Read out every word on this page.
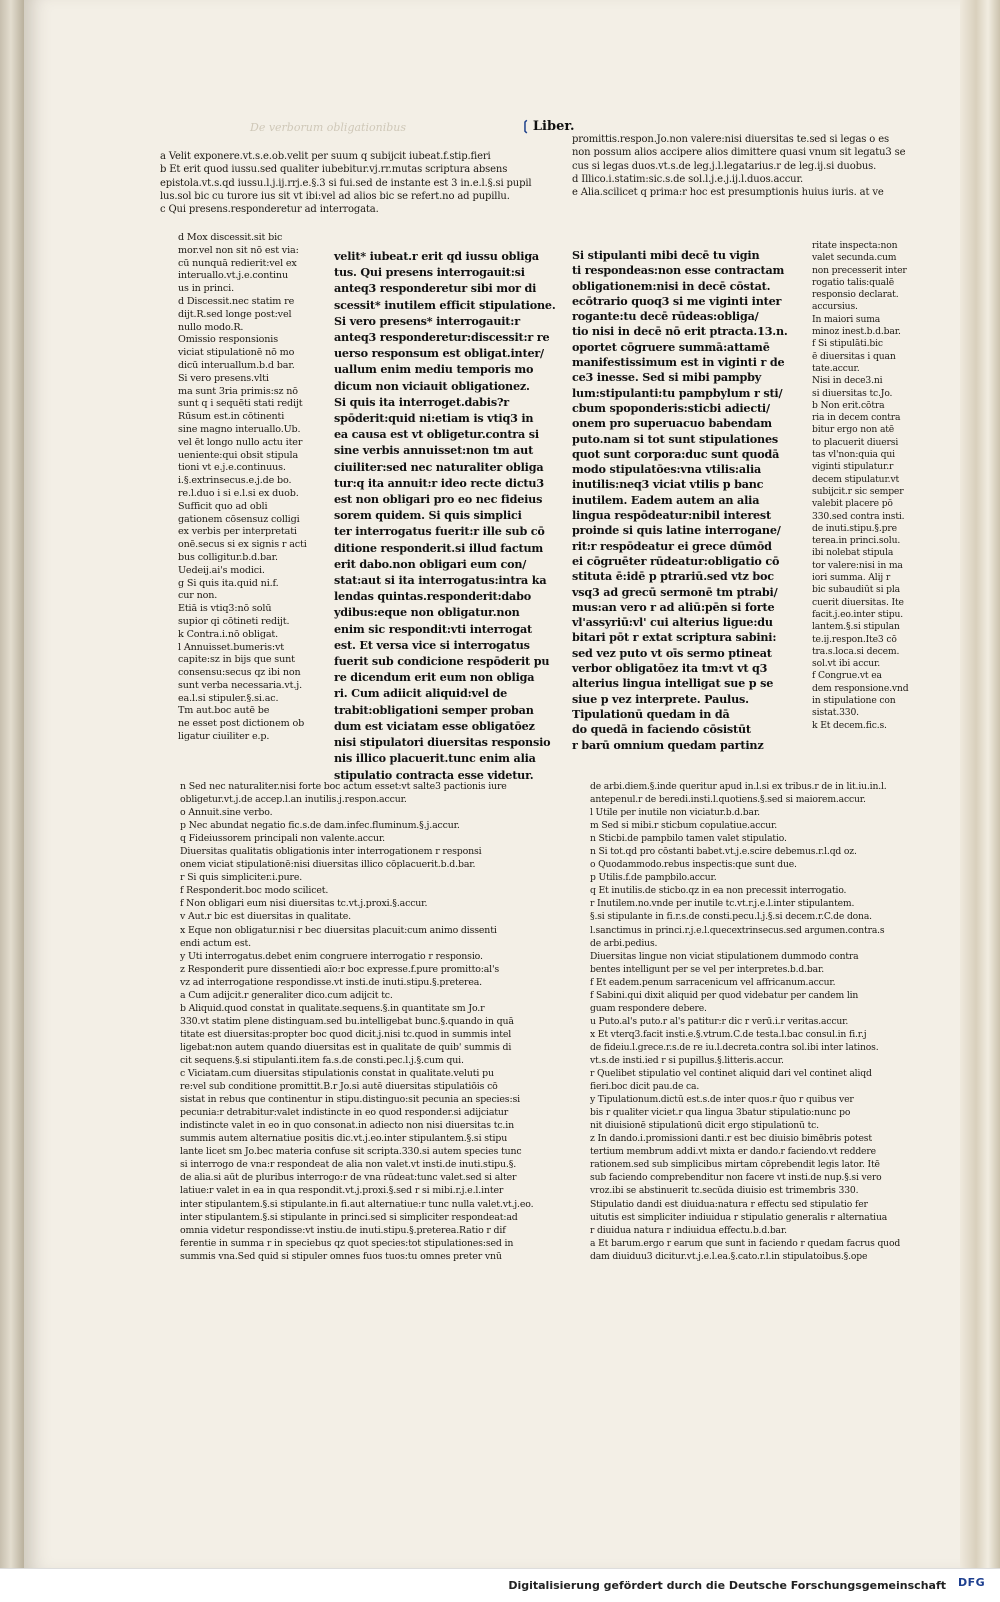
De verborum obligationibus	❲ Liber.

a Velit exponere.vt.s.e.ob.velit per suum q subijcit iubeat.f.stip.fieri

b Et erit quod iussu.sed qualiter iubebitur.vj.rr.mutas scriptura absens

epistola.vt.s.qd iussu.l.j.ij.rrj.e.§.3 si fui.sed de instante est 3 in.e.l.§.si pupil

lus.sol bic cu turore ius sit vt ibi:vel ad alios bic se refert.no ad pupillu.

c Qui presens.responderetur ad interrogata.

promittis.respon.Jo.non valere:nisi diuersitas te.sed si legas o es

non possum alios accipere alios dimittere quasi vnum sit legatu3 se

cus si legas duos.vt.s.de leg.j.l.legatarius.r de leg.ij.si duobus.

d Illico.i.statim:sic.s.de sol.l.j.e.j.ij.l.duos.accur.

e Alia.scilicet q prima:r hoc est presumptionis huius iuris. at ve

d Mox discessit.sit bic

mor.vel non sit nō est via:

cū nunquā redierit:vel ex

interuallo.vt.j.e.continu

us in princi.

d Discessit.nec statim re

dijt.R.sed longe post:vel

nullo modo.R.

Omissio responsionis

viciat stipulationē nō mo

dicū interuallum.b.d bar.

Si vero presens.vlti

ma sunt 3ria primis:sz nō

sunt q i sequēti stati redijt

Rūsum est.in cōtinenti

sine magno interuallo.Ub.

vel ēt longo nullo actu iter

ueniente:qui obsit stipula

tioni vt e.j.e.continuus.

i.§.extrinsecus.e.j.de bo.

re.l.duo i si e.l.si ex duob.

Sufficit quo ad obli

gationem cōsensuz colligi

ex verbis per interpretati

onē.secus si ex signis r acti

bus colligitur.b.d.bar.

Uedeij.ai's modici.

g Si quis ita.quid ni.f.

cur non.

Etiā is vtiq3:nō solū

supior qi cōtineti redijt.

k Contra.i.nō obligat.

l Annuisset.bumeris:vt

capite:sz in bijs que sunt

consensu:secus qz ibi non

sunt verba necessaria.vt.j.

ea.l.si stipuler.§.si.ac.

Tm aut.boc autē be

ne esset post dictionem ob

ligatur ciuiliter e.p.

velit* iubeat.r erit qd iussu obliga

tus. Qui presens interrogauit:si

anteq3 responderetur sibi mor di

scessit* inutilem efficit stipulatione.

Si vero presens* interrogauit:r

anteq3 responderetur:discessit:r re

uerso responsum est obligat.inter/

uallum enim mediu temporis mo

dicum non viciauit obligationez.

Si quis ita interroget.dabis?r

spōderit:quid ni:etiam is vtiq3 in

ea causa est vt obligetur.contra si

sine verbis annuisset:non tm aut

ciuiliter:sed nec naturaliter obliga

tur:q ita annuit:r ideo recte dictu3

est non obligari pro eo nec fideius

sorem quidem. Si quis simplici

ter interrogatus fuerit:r ille sub cō

ditione responderit.si illud factum

erit dabo.non obligari eum con/

stat:aut si ita interrogatus:intra ka

lendas quintas.responderit:dabo

ydibus:eque non obligatur.non

enim sic respondit:vti interrogat

est. Et versa vice si interrogatus

fuerit sub condicione respōderit pu

re dicendum erit eum non obliga

ri. Cum adiicit aliquid:vel de

trabit:obligationi semper proban

dum est viciatam esse obligatōez

nisi stipulatori diuersitas responsio

nis illico placuerit.tunc enim alia

stipulatio contracta esse videtur.

Si stipulanti mibi decē tu vigin

ti respondeas:non esse contractam

obligationem:nisi in decē cōstat.

ecōtrario quoq3 si me viginti inter

rogante:tu decē rūdeas:obliga/

tio nisi in decē nō erit ptracta.13.n.

oportet cōgruere summā:attamē

manifestissimum est in viginti r de

ce3 inesse. Sed si mibi pampby

lum:stipulanti:tu pampbylum r sti/

cbum spoponderis:sticbi adiecti/

onem pro superuacuo babendam

puto.nam si tot sunt stipulationes

quot sunt corpora:duc sunt quodā

modo stipulatōes:vna vtilis:alia

inutilis:neq3 viciat vtilis p banc

inutilem. Eadem autem an alia

lingua respōdeatur:nibil interest

proinde si quis latine interrogane/

rit:r respōdeatur ei grece dūmōd

ei cōgruēter rūdeatur:obligatio cō

stituta ē:idē p ptrariū.sed vtz boc

vsq3 ad grecū sermonē tm ptrabi/

mus:an vero r ad aliū:pēn si forte

vl'assyriū:vl' cui alterius ligue:du

bitari pōt r extat scriptura sabini:

sed vez puto vt oīs sermo ptineat

verbor obligatōez ita tm:vt vt q3

alterius lingua intelligat sue p se

siue p vez interprete. Paulus.

Tipulationū quedam in dā

do quedā in faciendo cōsistūt

r barū omnium quedam partinz

ritate inspecta:non

valet secunda.cum

non precesserit inter

rogatio talis:qualē

responsio declarat.

accursius.

In maiori suma

minoz inest.b.d.bar.

f Si stipulāti.bic

ē diuersitas i quan

tate.accur.

Nisi in dece3.ni

si diuersitas tc.Jo.

b Non erit.cōtra

ria in decem contra

bitur ergo non atē

to placuerit diuersi

tas vl'non:quia qui

viginti stipulatur.r

decem stipulatur.vt

subijcit.r sic semper

valebit placere pō

330.sed contra insti.

de inuti.stipu.§.pre

terea.in princi.solu.

ibi nolebat stipula

tor valere:nisi in ma

iori summa. Alij r

bic subaudiūt si pla

cuerit diuersitas. Ite

facit.j.eo.inter stipu.

lantem.§.si stipulan

te.ij.respon.Ite3 cō

tra.s.loca.si decem.

sol.vt ibi accur.

f Congrue.vt ea

dem responsione.vnd

in stipulatione con

sistat.330.

k Et decem.fic.s.

n Sed nec naturaliter.nisi forte boc actum esset:vt salte3 pactionis iure

obligetur.vt.j.de accep.l.an inutilis.j.respon.accur.

o Annuit.sine verbo.

p Nec abundat negatio fic.s.de dam.infec.fluminum.§.j.accur.

q Fideiussorem principali non valente.accur.

Diuersitas qualitatis obligationis inter interrogationem r responsi

onem viciat stipulationē:nisi diuersitas illico cōplacuerit.b.d.bar.

r Si quis simpliciter.i.pure.

f Responderit.boc modo scilicet.

f Non obligari eum nisi diuersitas tc.vt.j.proxi.§.accur.

v Aut.r bic est diuersitas in qualitate.

x Eque non obligatur.nisi r bec diuersitas placuit:cum animo dissenti

endi actum est.

y Uti interrogatus.debet enim congruere interrogatio r responsio.

z Responderit pure dissentiedi aīo:r boc expresse.f.pure promitto:al's

vz ad interrogatione respondisse.vt insti.de inuti.stipu.§.preterea.

a Cum adijcit.r generaliter dico.cum adijcit tc.

b Aliquid.quod constat in qualitate.sequens.§.in quantitate sm Jo.r

330.vt statim plene distinguam.sed bu.intelligebat bunc.§.quando in quā

titate est diuersitas:propter boc quod dicit.j.nisi tc.quod in summis intel

ligebat:non autem quando diuersitas est in qualitate de quib' summis di

cit sequens.§.si stipulanti.item fa.s.de consti.pec.l.j.§.cum qui.

c Viciatam.cum diuersitas stipulationis constat in qualitate.veluti pu

re:vel sub conditione promittit.B.r Jo.si autē diuersitas stipulatiōis cō

sistat in rebus que continentur in stipu.distinguo:sit pecunia an species:si

pecunia:r detrabitur:valet indistincte in eo quod responder.si adijciatur

indistincte valet in eo in quo consonat.in adiecto non nisi diuersitas tc.in

summis autem alternatiue positis dic.vt.j.eo.inter stipulantem.§.si stipu

lante licet sm Jo.bec materia confuse sit scripta.330.si autem species tunc

si interrogo de vna:r respondeat de alia non valet.vt insti.de inuti.stipu.§.

de alia.si aūt de pluribus interrogo:r de vna rūdeat:tunc valet.sed si alter

latiue:r valet in ea in qua respondit.vt.j.proxi.§.sed r si mibi.r.j.e.l.inter

inter stipulantem.§.si stipulante.in fi.aut alternatiue:r tunc nulla valet.vt.j.eo.

inter stipulantem.§.si stipulante in princi.sed si simpliciter respondeat:ad

omnia videtur respondisse:vt instiu.de inuti.stipu.§.preterea.Ratio r dif

ferentie in summa r in speciebus qz quot species:tot stipulationes:sed in

summis vna.Sed quid si stipuler omnes fuos tuos:tu omnes preter vnū

de arbi.diem.§.inde queritur apud in.l.si ex tribus.r de in lit.iu.in.l.

antepenul.r de beredi.insti.l.quotiens.§.sed si maiorem.accur.

l Utile per inutile non viciatur.b.d.bar.

m Sed si mibi.r sticbum copulatiue.accur.

n Sticbi.de pampbilo tamen valet stipulatio.

n Si tot.qd pro cōstanti babet.vt.j.e.scire debemus.r.l.qd oz.

o Quodammodo.rebus inspectis:que sunt due.

p Utilis.f.de pampbilo.accur.

q Et inutilis.de sticbo.qz in ea non precessit interrogatio.

r Inutilem.no.vnde per inutile tc.vt.r.j.e.l.inter stipulantem.

§.si stipulante in fi.r.s.de consti.pecu.l.j.§.si decem.r.C.de dona.

l.sanctimus in princi.r.j.e.l.quecextrinsecus.sed argumen.contra.s

de arbi.pedius.

Diuersitas lingue non viciat stipulationem dummodo contra

bentes intelligunt per se vel per interpretes.b.d.bar.

f Et eadem.penum sarracenicum vel affricanum.accur.

f Sabini.qui dixit aliquid per quod videbatur per candem lin

guam respondere debere.

u Puto.al's puto.r al's patitur:r dic r verū.i.r veritas.accur.

x Et vterq3.facit insti.e.§.vtrum.C.de testa.l.bac consul.in fi.r.j

de fideiu.l.grece.r.s.de re iu.l.decreta.contra sol.ibi inter latinos.

vt.s.de insti.ied r si pupillus.§.litteris.accur.

r Quelibet stipulatio vel continet aliquid dari vel continet aliqd

fieri.boc dicit pau.de ca.

y Tipulationum.dictū est.s.de inter quos.r q̄uo r quibus ver

bis r qualiter viciet.r qua lingua 3batur stipulatio:nunc po

nit diuisionē stipulationū dicit ergo stipulationū tc.

z In dando.i.promissioni danti.r est bec diuisio bimēbris potest

tertium membrum addi.vt mixta er dando.r faciendo.vt reddere

rationem.sed sub simplicibus mirtam cōprebendit legis lator. Itē

sub faciendo comprebenditur non facere vt insti.de nup.§.si vero

vroz.ibi se abstinuerit tc.secūda diuisio est trimembris 330.

Stipulatio dandi est diuidua:natura r effectu sed stipulatio fer

uitutis est simpliciter indiuidua r stipulatio generalis r alternatiua

r diuidua natura r indiuidua effectu.b.d.bar.

a Et barum.ergo r earum que sunt in faciendo r quedam facrus quod

dam diuiduu3 dicitur.vt.j.e.l.ea.§.cato.r.l.in stipulatoibus.§.ope

Digitalisierung gefördert durch die Deutsche Forschungsgemeinschaft DFG
